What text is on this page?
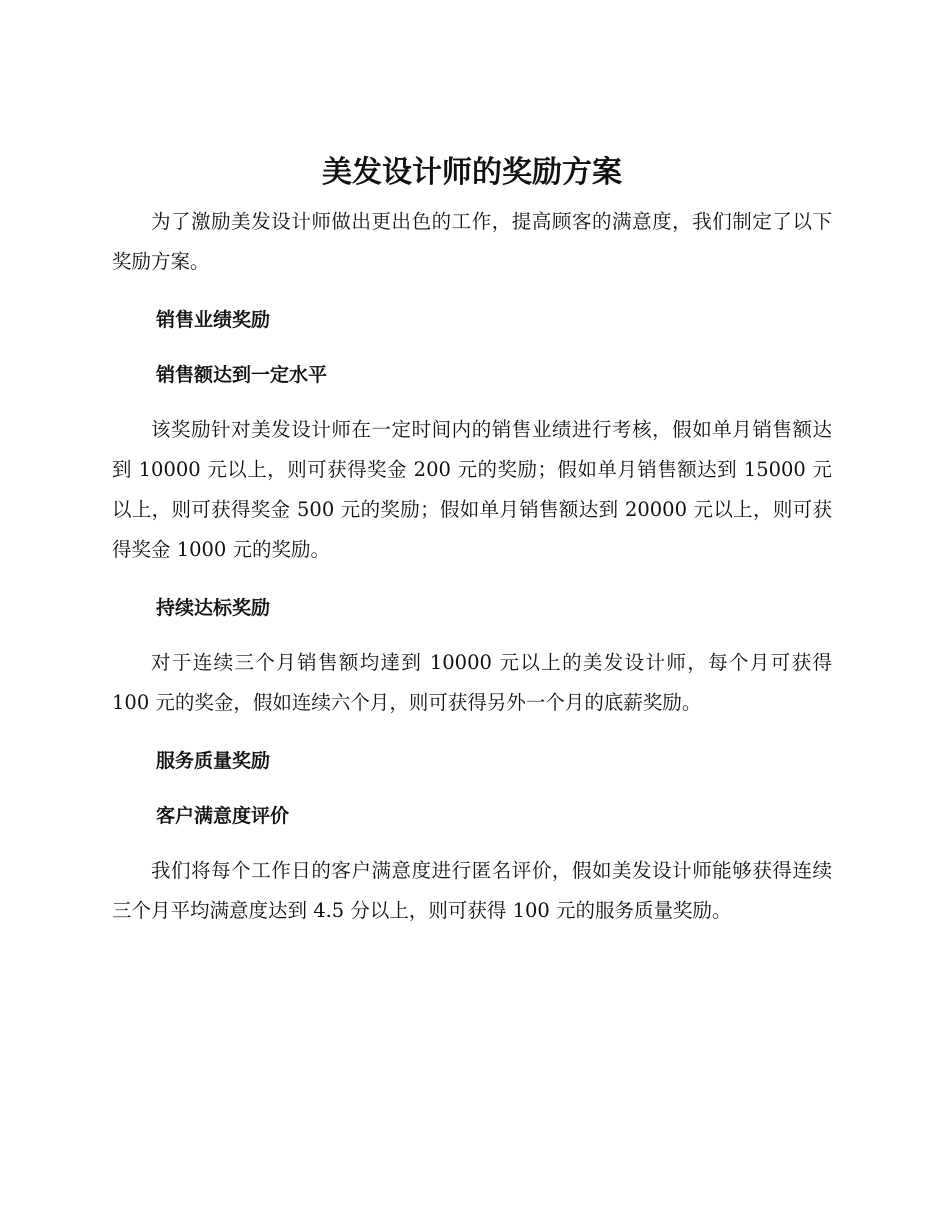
美发设计师的奖励方案

为了激励美发设计师做出更出色的工作，提高顾客的满意度，我们制定了以下奖励方案。

销售业绩奖励
销售额达到一定水平

该奖励针对美发设计师在一定时间内的销售业绩进行考核，假如单月销售额达到 10000 元以上，则可获得奖金 200 元的奖励；假如单月销售额达到 15000 元以上，则可获得奖金 500 元的奖励；假如单月销售额达到 20000 元以上，则可获得奖金 1000 元的奖励。

持续达标奖励

对于连续三个月销售额均達到 10000 元以上的美发设计师，每个月可获得 100 元的奖金，假如连续六个月，则可获得另外一个月的底薪奖励。

服务质量奖励
客户满意度评价

我们将每个工作日的客户满意度进行匿名评价，假如美发设计师能够获得连续三个月平均满意度达到 4.5 分以上，则可获得 100 元的服务质量奖励。
